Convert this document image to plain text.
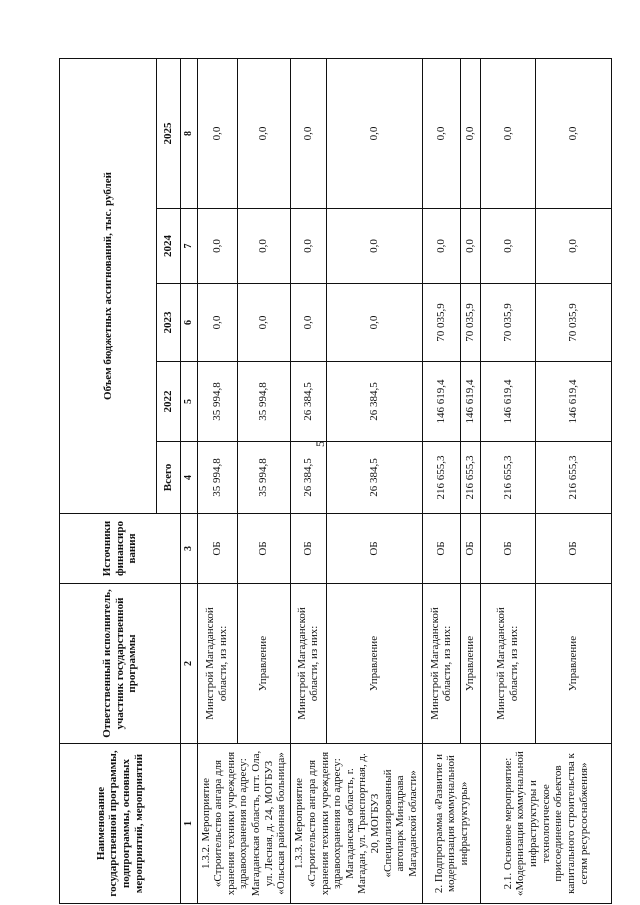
5
Наименование государственной программы, подпрограммы, основных мероприятий, мероприятий	Ответственный исполнитель, участник государственной программы	Источники финансиро вания	Объем бюджетных ассигнований, тыс. рублей				
			Всего	2022	2023	2024	2025
1	2	3	4	5	6	7	8
1.3.2. Мероприятие «Строительство ангара для хранения техники учреждения здравоохранения по адресу: Магаданская область, пгт. Ола, ул. Лесная, д. 24, МОГБУЗ «Ольская районная больница»	Минстрой Магаданской области, из них:	ОБ	35 994,8	35 994,8	0,0	0,0	0,0
	Управление	ОБ	35 994,8	35 994,8	0,0	0,0	0,0
1.3.3. Мероприятие «Строительство ангара для хранения техники учреждения здравоохранения по адресу: Магаданская область, г. Магадан, ул. Транспортная, д. 20, МОГБУЗ «Специализированный автопарк Минздрава Магаданской области»	Минстрой Магаданской области, из них:	ОБ	26 384,5	26 384,5	0,0	0,0	0,0
	Управление	ОБ	26 384,5	26 384,5	0,0	0,0	0,0
2. Подпрограмма «Развитие и модернизация коммунальной инфраструктуры»	Минстрой Магаданской области, из них:	ОБ	216 655,3	146 619,4	70 035,9	0,0	0,0
	Управление	ОБ	216 655,3	146 619,4	70 035,9	0,0	0,0
2.1. Основное мероприятие: «Модернизация коммунальной инфраструктуры и технологическое присоединение объектов капитального строительства к сетям ресурсоснабжения»	Минстрой Магаданской области, из них:	ОБ	216 655,3	146 619,4	70 035,9	0,0	0,0
	Управление	ОБ	216 655,3	146 619,4	70 035,9	0,0	0,0
